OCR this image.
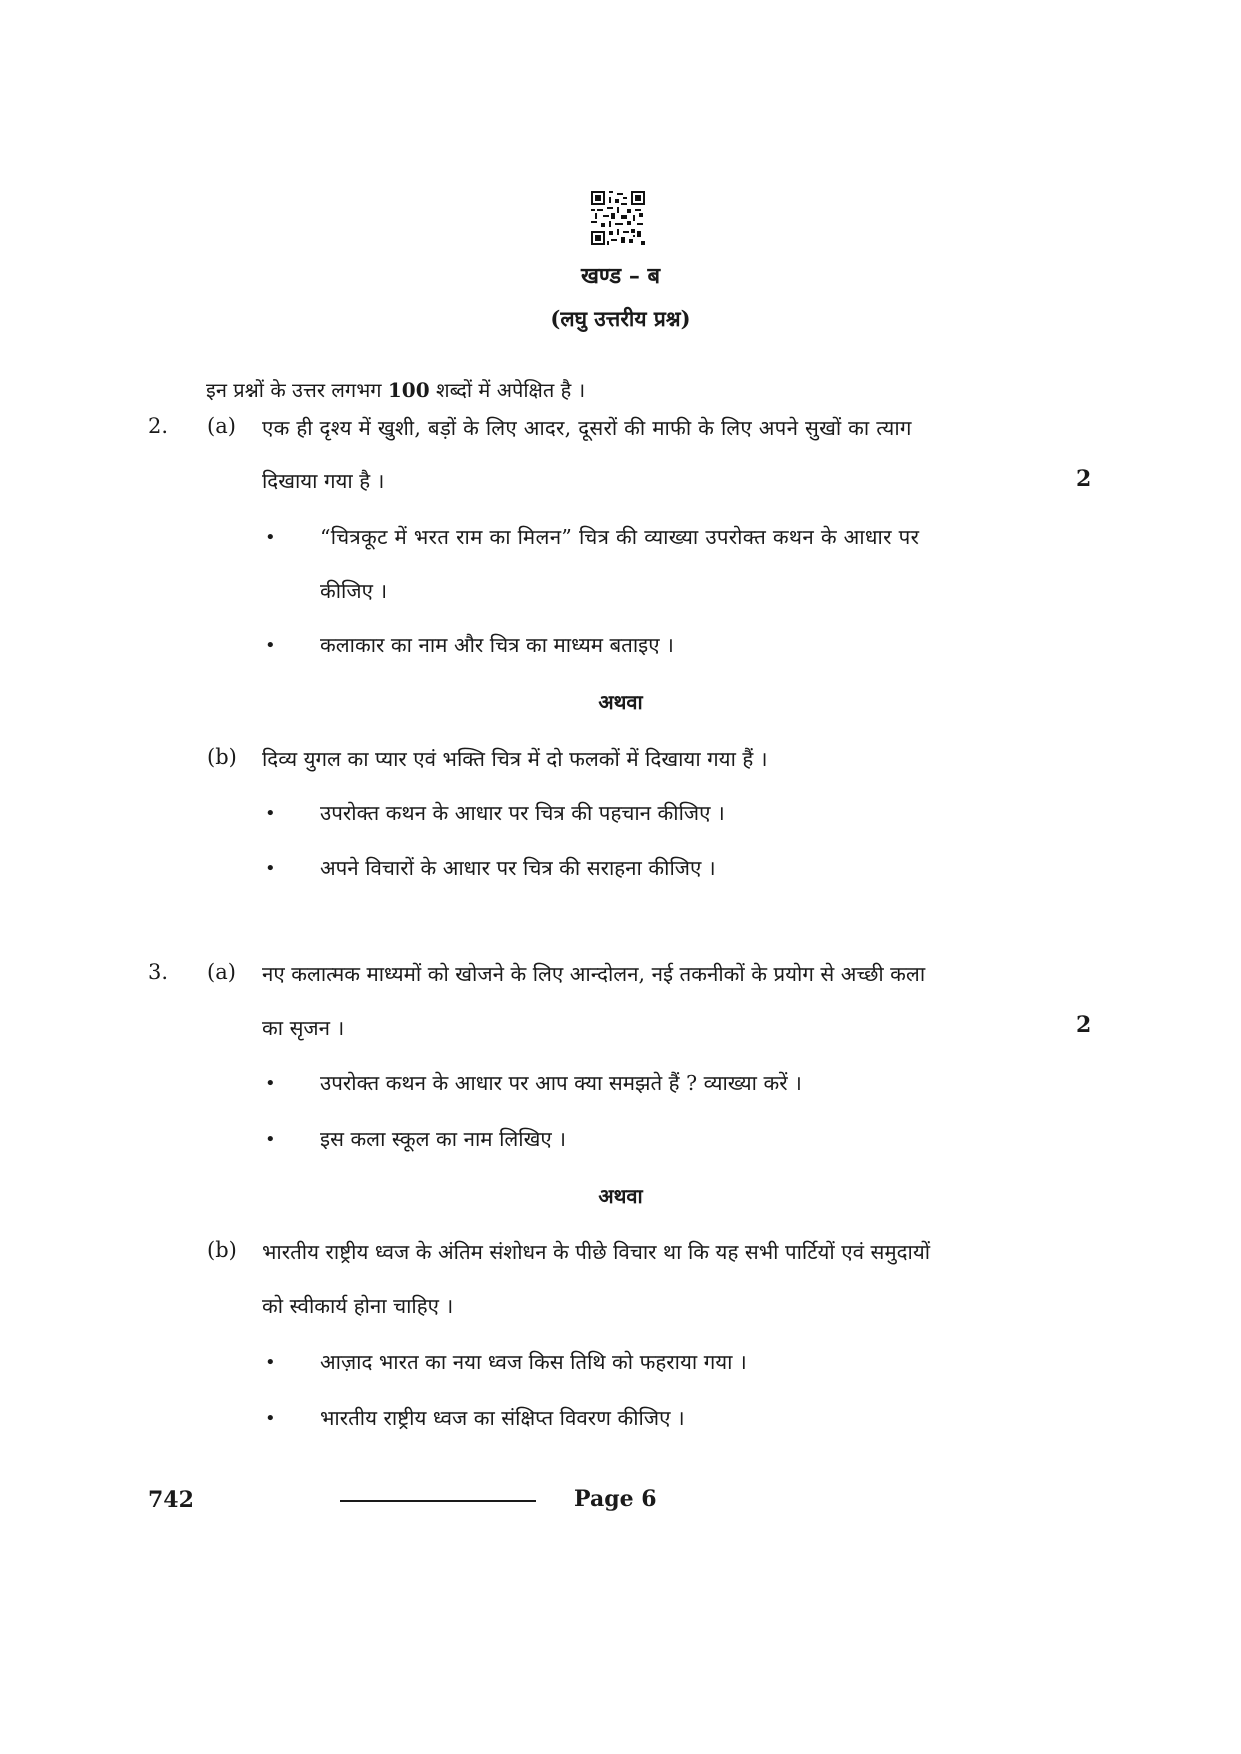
खण्ड – ब
(लघु उत्तरीय प्रश्न)
इन प्रश्नों के उत्तर लगभग 100 शब्दों में अपेक्षित है ।
2. (a) एक ही दृश्य में खुशी, बड़ों के लिए आदर, दूसरों की माफी के लिए अपने सुखों का त्याग
दिखाया गया है ।	2
• “चित्रकूट में भरत राम का मिलन” चित्र की व्याख्या उपरोक्त कथन के आधार पर
कीजिए ।
• कलाकार का नाम और चित्र का माध्यम बताइए ।
अथवा
(b) दिव्य युगल का प्यार एवं भक्ति चित्र में दो फलकों में दिखाया गया हैं ।
• उपरोक्त कथन के आधार पर चित्र की पहचान कीजिए ।
• अपने विचारों के आधार पर चित्र की सराहना कीजिए ।
3. (a) नए कलात्मक माध्यमों को खोजने के लिए आन्दोलन, नई तकनीकों के प्रयोग से अच्छी कला
का सृजन ।	2
• उपरोक्त कथन के आधार पर आप क्या समझते हैं ? व्याख्या करें ।
• इस कला स्कूल का नाम लिखिए ।
अथवा
(b) भारतीय राष्ट्रीय ध्वज के अंतिम संशोधन के पीछे विचार था कि यह सभी पार्टियों एवं समुदायों
को स्वीकार्य होना चाहिए ।
• आज़ाद भारत का नया ध्वज किस तिथि को फहराया गया ।
• भारतीय राष्ट्रीय ध्वज का संक्षिप्त विवरण कीजिए ।
742	Page 6
